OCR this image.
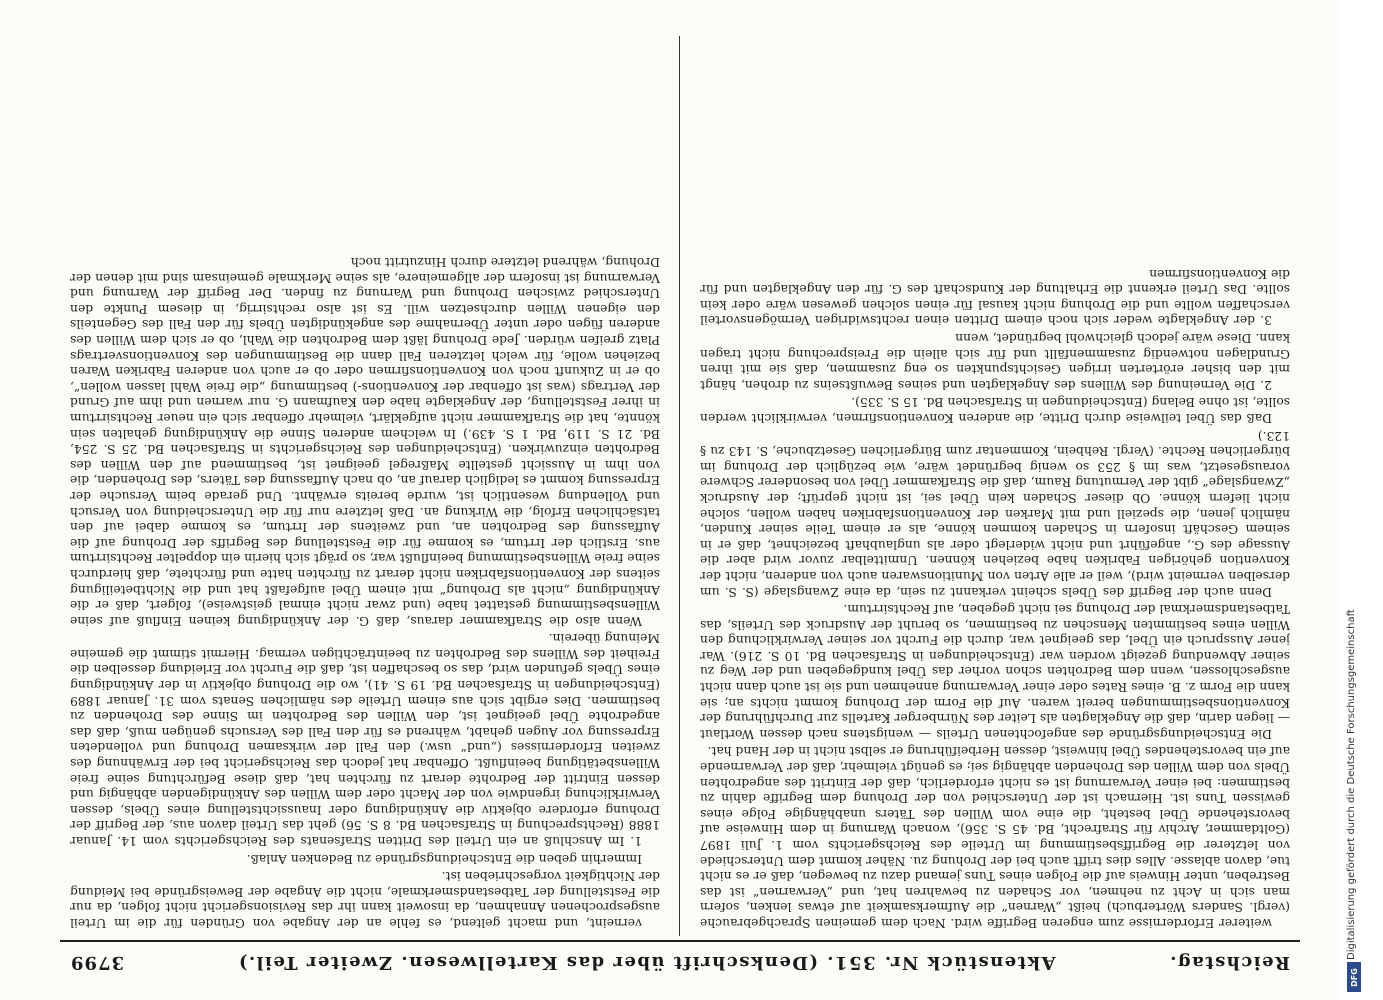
Reichstag.
Aktenstück Nr. 351. (Denkschrift über das Kartellwesen. Zweiter Teil.)
3799

weiterer Erfordernisse zum engeren Begriffe wird. Nach dem gemeinen Sprachgebrauche (vergl. Sanders Wörterbuch) heißt „Warnen“ die Aufmerksamkeit auf etwas lenken, sofern man sich in Acht zu nehmen, vor Schaden zu bewahren hat, und „Verwarnen“ ist das Bestreben, unter Hinweis auf die Folgen eines Tuns jemand dazu zu bewegen, daß er es nicht tue, davon ablasse. Alles dies trifft auch bei der Drohung zu. Näher kommt dem Unterschiede von letzterer die Begriffsbestimmung im Urteile des Reichsgerichts vom 1. Juli 1897 (Goltdammer, Archiv für Strafrecht, Bd. 45 S. 356), wonach Warnung in dem Hinweise auf bevorstehende Übel besteht, die eine vom Willen des Täters unabhängige Folge eines gewissen Tuns ist. Hiernach ist der Unterschied von der Drohung dem Begriffe dahin zu bestimmen: bei einer Verwarnung ist es nicht erforderlich, daß der Eintritt des angedrohten Übels von dem Willen des Drohenden abhängig sei; es genügt vielmehr, daß der Verwarnende auf ein bevorstehendes Übel hinweist, dessen Herbeiführung er selbst nicht in der Hand hat.

Die Entscheidungsgründe des angefochtenen Urteils — wenigstens nach dessen Wortlaut — liegen darin, daß die Angeklagten als Leiter des Nürnberger Kartells zur Durchführung der Konventionsbestimmungen bereit waren. Auf die Form der Drohung kommt nichts an; sie kann die Form z. B. eines Rates oder einer Verwarnung annehmen und sie ist auch dann nicht ausgeschlossen, wenn dem Bedrohten schon vorher das Übel kundgegeben und der Weg zu seiner Abwendung gezeigt worden war (Entscheidungen in Strafsachen Bd. 10 S. 216). War jener Ausspruch ein Übel, das geeignet war, durch die Furcht vor seiner Verwirklichung den Willen eines bestimmten Menschen zu bestimmen, so beruht der Ausdruck des Urteils, das Tatbestandsmerkmal der Drohung sei nicht gegeben, auf Rechtsirrtum.

Denn auch der Begriff des Übels scheint verkannt zu sein, da eine Zwangslage (S. S. um derselben vermeint wird), weil er alle Arten von Munitionswaren auch von anderen, nicht der Konvention gehörigen Fabriken habe beziehen können. Unmittelbar zuvor wird aber die Aussage des G., angeführt und nicht widerlegt oder als unglaubhaft bezeichnet, daß er in seinem Geschäft insofern in Schaden kommen könne, als er einem Teile seiner Kunden, nämlich jenen, die speziell und mit Marken der Konventionsfabriken haben wollen, solche nicht liefern könne. Ob dieser Schaden kein Übel sei, ist nicht geprüft; der Ausdruck „Zwangslage“ gibt der Vermutung Raum, daß die Strafkammer Übel von besonderer Schwere vorausgesetzt, was im § 253 so wenig begründet wäre, wie bezüglich der Drohung im bürgerlichen Rechte. (Vergl. Rehbein, Kommentar zum Bürgerlichen Gesetzbuche, S. 143 zu § 123.)

Daß das Übel teilweise durch Dritte, die anderen Konventionsfirmen, verwirklicht werden sollte, ist ohne Belang (Entscheidungen in Strafsachen Bd. 15 S. 335).

2. Die Verneinung des Willens des Angeklagten und seines Bewußtseins zu drohen, hängt mit den bisher erörterten irrigen Gesichtspunkten so eng zusammen, daß sie mit ihren Grundlagen notwendig zusammenfällt und für sich allein die Freisprechung nicht tragen kann. Diese wäre jedoch gleichwohl begründet, wenn

3. der Angeklagte weder sich noch einem Dritten einen rechtswidrigen Vermögensvorteil verschaffen wollte und die Drohung nicht kausal für einen solchen gewesen wäre oder kein sollte. Das Urteil erkennt die Erhaltung der Kundschaft des G. für den Angeklagten und für die Konventionsfirmen

verneint, und macht geltend, es fehle an der Angabe von Gründen für die im Urteil ausgesprochenen Annahmen, da insoweit kann ihr das Revisionsgericht nicht folgen, da nur die Feststellung der Tatbestandsmerkmale, nicht die Angabe der Beweisgründe bei Meidung der Nichtigkeit vorgeschrieben ist.

Immerhin geben die Entscheidungsgründe zu Bedenken Anlaß.

1. Im Anschluß an ein Urteil des Dritten Strafsenats des Reichsgerichts vom 14. Januar 1888 (Rechtsprechung in Strafsachen Bd. 8 S. 56) geht das Urteil davon aus, der Begriff der Drohung erfordere objektiv die Ankündigung oder Inaussichtstellung eines Übels, dessen Verwirklichung irgendwie von der Macht oder dem Willen des Ankündigenden abhängig und dessen Eintritt der Bedrohte derart zu fürchten hat, daß diese Befürchtung seine freie Willensbetätigung beeinflußt. Offenbar hat jedoch das Reichsgericht bei der Erwähnung des zweiten Erfordernisses („und“ usw.) den Fall der wirksamen Drohung und vollendeten Erpressung vor Augen gehabt, während es für den Fall des Versuchs genügen muß, daß das angedrohte Übel geeignet ist, den Willen des Bedrohten im Sinne des Drohenden zu bestimmen. Dies ergibt sich aus einem Urteile des nämlichen Senats vom 31. Januar 1889 (Entscheidungen in Strafsachen Bd. 19 S. 41), wo die Drohung objektiv in der Ankündigung eines Übels gefunden wird, das so beschaffen ist, daß die Furcht vor Erleidung desselben die Freiheit des Willens des Bedrohten zu beeinträchtigen vermag. Hiermit stimmt die gemeine Meinung überein.

Wenn also die Strafkammer daraus, daß G. der Ankündigung keinen Einfluß auf seine Willensbestimmung gestattet habe (und zwar nicht einmal geistweise), folgert, daß er die Ankündigung „nicht als Drohung“ mit einem Übel aufgefaßt hat und die Nichtbeteiligung seitens der Konventionsfabriken nicht derart zu fürchten hatte und fürchtete, daß hierdurch seine freie Willensbestimmung beeinflußt war, so prägt sich hierin ein doppelter Rechtsirrtum aus. Erstlich der Irrtum, es komme für die Feststellung des Begriffs der Drohung auf die Auffassung des Bedrohten an, und zweitens der Irrtum, es komme dabei auf den tatsächlichen Erfolg, die Wirkung an. Daß letztere nur für die Unterscheidung von Versuch und Vollendung wesentlich ist, wurde bereits erwähnt. Und gerade beim Versuche der Erpressung kommt es lediglich darauf an, ob nach Auffassung des Täters, des Drohenden, die von ihm in Aussicht gestellte Maßregel geeignet ist, bestimmend auf den Willen des Bedrohten einzuwirken. (Entscheidungen des Reichsgerichts in Strafsachen Bd. 25 S. 254, Bd. 21 S. 119, Bd. 1 S. 439.) In welchem anderen Sinne die Ankündigung gehalten sein könnte, hat die Strafkammer nicht aufgeklärt, vielmehr offenbar sich ein neuer Rechtsirrtum in ihrer Feststellung, der Angeklagte habe den Kaufmann G. nur warnen und ihm auf Grund der Vertrags (was ist offenbar der Konventions-) bestimmung „die freie Wahl lassen wollen“, ob er in Zukunft noch von Konventionsfirmen oder ob er auch von anderen Fabriken Waren beziehen wolle, für welch letzteren Fall dann die Bestimmungen des Konventionsvertrags Platz greifen würden. Jede Drohung läßt dem Bedrohten die Wahl, ob er sich dem Willen des anderen fügen oder unter Übernahme des angekündigten Übels für den Fall des Gegenteils den eigenen Willen durchsetzen will. Es ist also rechtsirrig, in diesem Punkte den Unterschied zwischen Drohung und Warnung zu finden. Der Begriff der Warnung und Verwarnung ist insofern der allgemeinere, als seine Merkmale gemeinsam sind mit denen der Drohung, während letztere durch Hinzutritt noch

Digitalisierung gefördert durch die Deutsche Forschungsgemeinschaft
DFG
